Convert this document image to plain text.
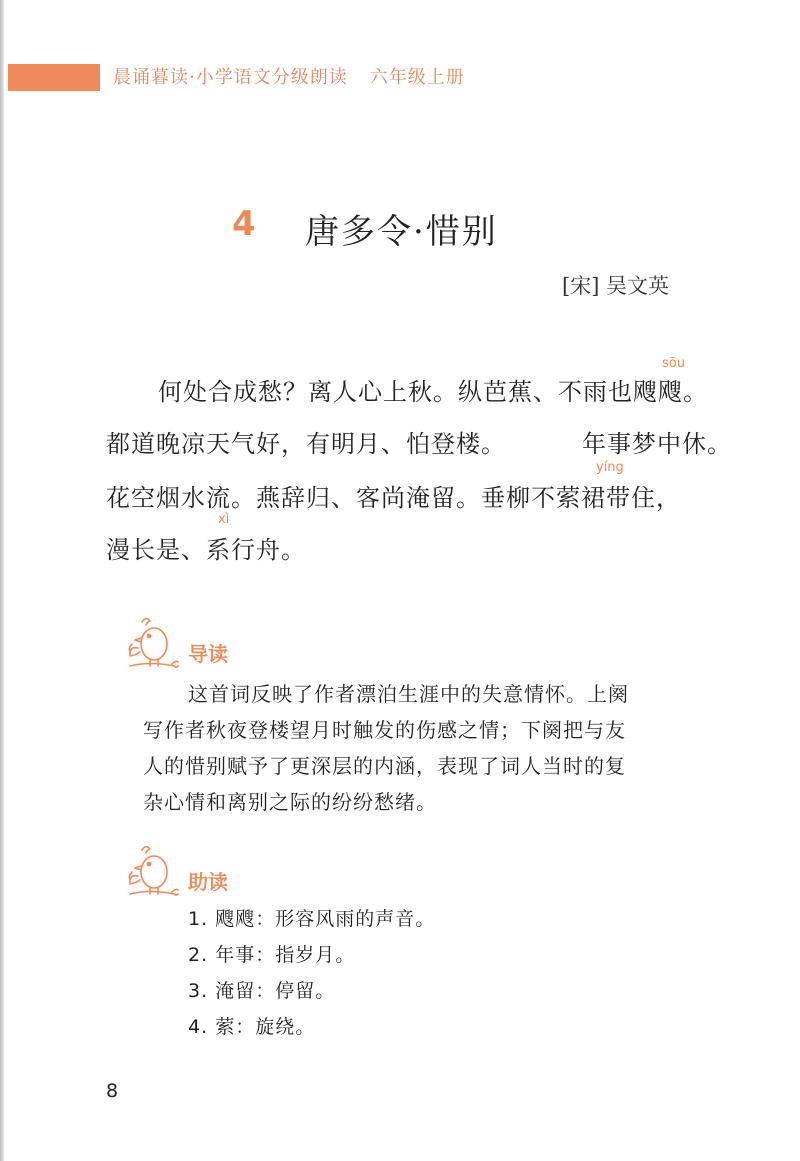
晨诵暮读·小学语文分级朗读 六年级上册
4 唐多令·惜别
[宋] 吴文英
sōu
何处合成愁？离人心上秋。纵芭蕉、不雨也飕飕。
都道晚凉天气好，有明月、怕登楼。	年事梦中休。
yíng
花空烟水流。燕辞归、客尚淹留。垂柳不萦裙带住，
xì
漫长是、系行舟。
导读
这首词反映了作者漂泊生涯中的失意情怀。上阕
写作者秋夜登楼望月时触发的伤感之情；下阕把与友
人的惜别赋予了更深层的内涵，表现了词人当时的复
杂心情和离别之际的纷纷愁绪。
助读
1. 飕飕：形容风雨的声音。
2. 年事：指岁月。
3. 淹留：停留。
4. 萦：旋绕。
8
